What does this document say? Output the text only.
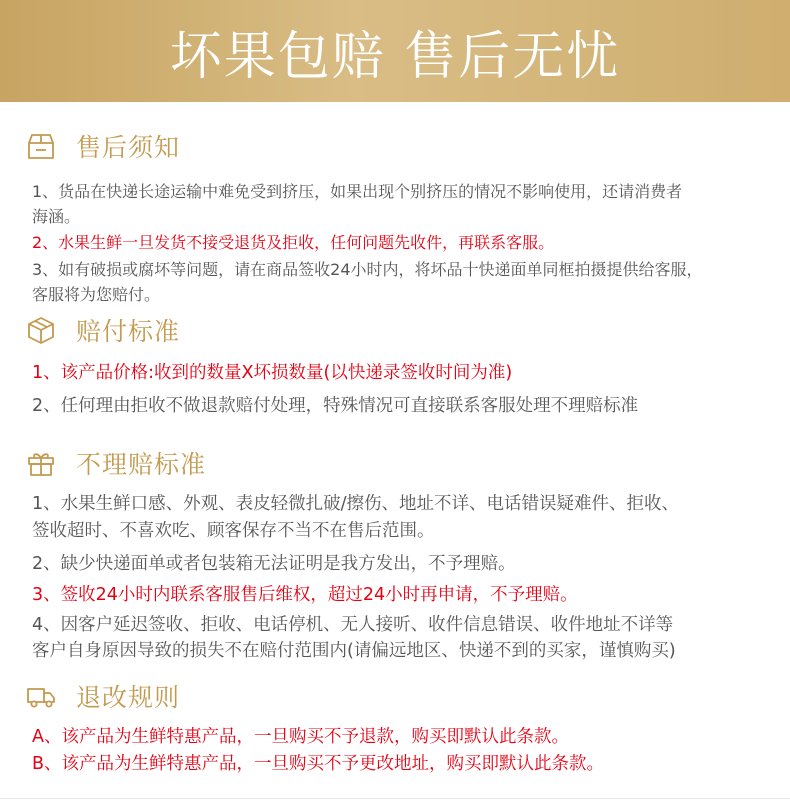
坏果包赔 售后无忧
售后须知
1、货品在快递长途运输中难免受到挤压，如果出现个别挤压的情况不影响使用，还请消费者
海涵。
2、水果生鲜一旦发货不接受退货及拒收，任何问题先收件，再联系客服。
3、如有破损或腐坏等问题，请在商品签收24小时内，将坏品十快递面单同框拍摄提供给客服，
客服将为您赔付。
赔付标准
1、该产品价格:收到的数量X坏损数量(以快递录签收时间为准)
2、任何理由拒收不做退款赔付处理，特殊情况可直接联系客服处理不理赔标准
不理赔标准
1、水果生鲜口感、外观、表皮轻微扎破/擦伤、地址不详、电话错误疑难件、拒收、
签收超时、不喜欢吃、顾客保存不当不在售后范围。
2、缺少快递面单或者包装箱无法证明是我方发出，不予理赔。
3、签收24小时内联系客服售后维权，超过24小时再申请，不予理赔。
4、因客户延迟签收、拒收、电话停机、无人接听、收件信息错误、收件地址不详等
客户自身原因导致的损失不在赔付范围内(请偏远地区、快递不到的买家，谨慎购买)
退改规则
A、该产品为生鲜特惠产品，一旦购买不予退款，购买即默认此条款。
B、该产品为生鲜特惠产品，一旦购买不予更改地址，购买即默认此条款。
